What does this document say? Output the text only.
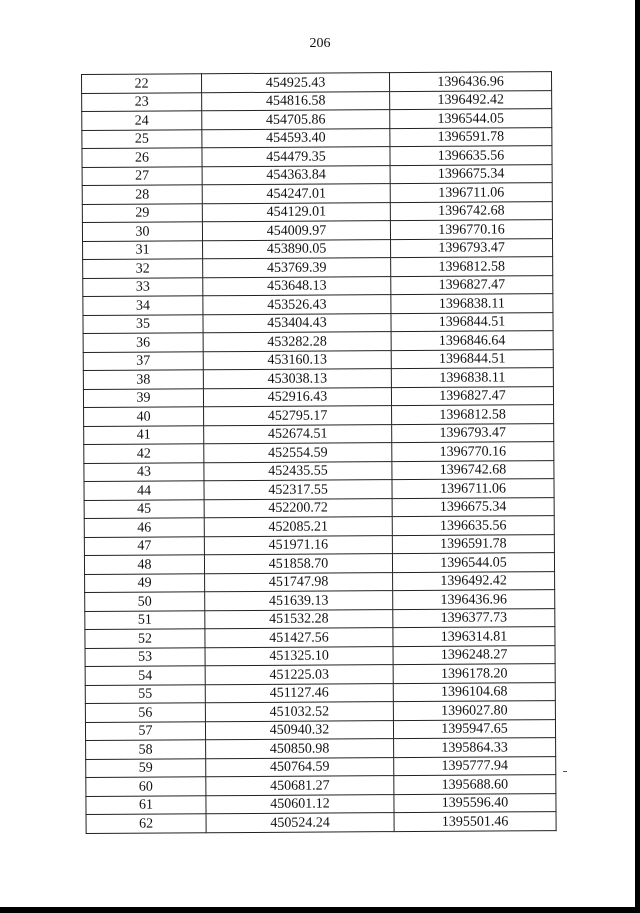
206
22	454925.43	1396436.96
23	454816.58	1396492.42
24	454705.86	1396544.05
25	454593.40	1396591.78
26	454479.35	1396635.56
27	454363.84	1396675.34
28	454247.01	1396711.06
29	454129.01	1396742.68
30	454009.97	1396770.16
31	453890.05	1396793.47
32	453769.39	1396812.58
33	453648.13	1396827.47
34	453526.43	1396838.11
35	453404.43	1396844.51
36	453282.28	1396846.64
37	453160.13	1396844.51
38	453038.13	1396838.11
39	452916.43	1396827.47
40	452795.17	1396812.58
41	452674.51	1396793.47
42	452554.59	1396770.16
43	452435.55	1396742.68
44	452317.55	1396711.06
45	452200.72	1396675.34
46	452085.21	1396635.56
47	451971.16	1396591.78
48	451858.70	1396544.05
49	451747.98	1396492.42
50	451639.13	1396436.96
51	451532.28	1396377.73
52	451427.56	1396314.81
53	451325.10	1396248.27
54	451225.03	1396178.20
55	451127.46	1396104.68
56	451032.52	1396027.80
57	450940.32	1395947.65
58	450850.98	1395864.33
59	450764.59	1395777.94
60	450681.27	1395688.60
61	450601.12	1395596.40
62	450524.24	1395501.46
